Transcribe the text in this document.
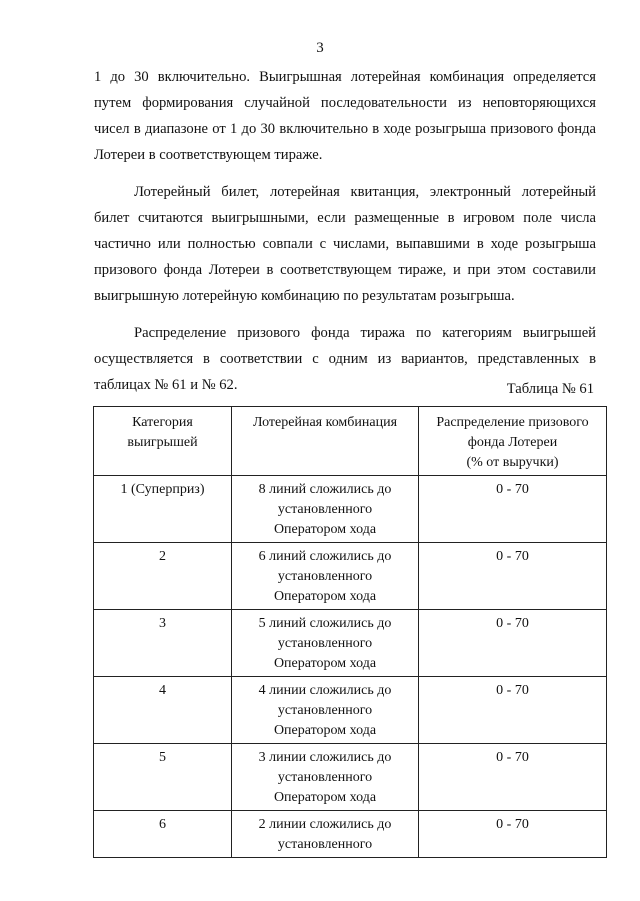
3

1 до 30 включительно. Выигрышная лотерейная комбинация определяется путем формирования случайной последовательности из неповторяющихся чисел в диапазоне от 1 до 30 включительно в ходе розыгрыша призового фонда Лотереи в соответствующем тираже.

Лотерейный билет, лотерейная квитанция, электронный лотерейный билет считаются выигрышными, если размещенные в игровом поле числа частично или полностью совпали с числами, выпавшими в ходе розыгрыша призового фонда Лотереи в соответствующем тираже, и при этом составили выигрышную лотерейную комбинацию по результатам розыгрыша.

Распределение призового фонда тиража по категориям выигрышей осуществляется в соответствии с одним из вариантов, представленных в таблицах № 61 и № 62.	Таблица № 61
Категория
выигрышей	Лотерейная комбинация	Распределение призового
фонда Лотереи
(% от выручки)

1 (Суперприз)	8 линий сложились до
установленного
Оператором хода	0 - 70
2	6 линий сложились до
установленного
Оператором хода	0 - 70
3	5 линий сложились до
установленного
Оператором хода	0 - 70
4	4 линии сложились до
установленного
Оператором хода	0 - 70
5	3 линии сложились до
установленного
Оператором хода	0 - 70
6	2 линии сложились до
установленного	0 - 70
